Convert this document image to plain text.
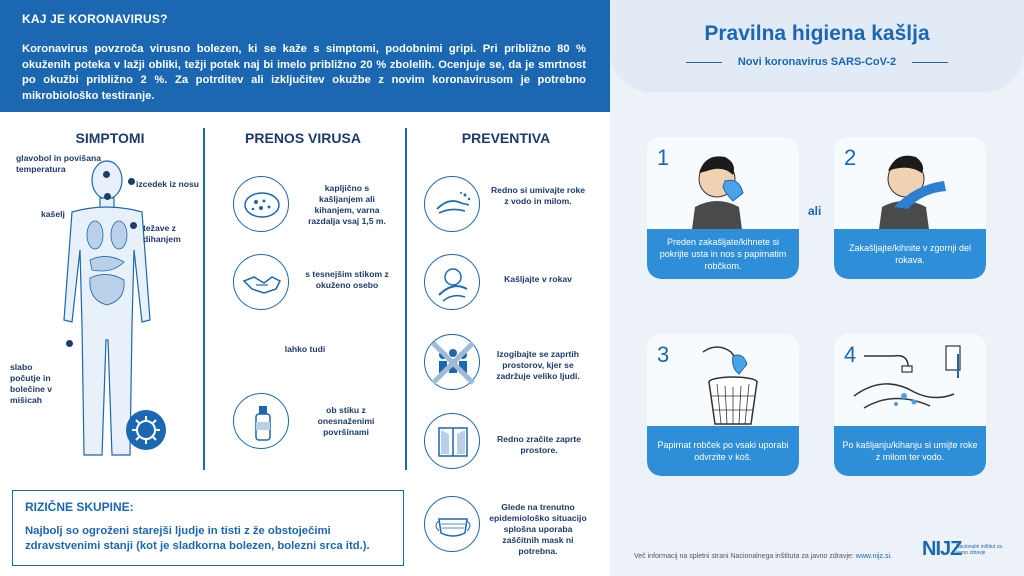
KAJ JE KORONAVIRUS?
Koronavirus povzroča virusno bolezen, ki se kaže s simptomi, podobnimi gripi. Pri približno 80 % okuženih poteka v lažji obliki, težji potek naj bi imelo približno 20 % zbolelih. Ocenjuje se, da je smrtnost po okužbi približno 2 %. Za potrditev ali izključitev okužbe z novim koronavirusom je potrebno mikrobiološko testiranje.
SIMPTOMI	PRENOS VIRUSA	PREVENTIVA
glavobol in povišana temperatura
izcedek iz nosu
kašelj
težave z dihanjem
slabo počutje in bolečine v mišicah
kapljično s kašljanjem ali kihanjem, varna razdalja vsaj 1,5 m.
s tesnejšim stikom z okuženo osebo
lahko tudi
ob stiku z onesnaženimi površinami
Redno si umivajte roke z vodo in milom.
Kašljajte v rokav
Izogibajte se zaprtih prostorov, kjer se zadržuje veliko ljudi.
Redno zračite zaprte prostore.
Glede na trenutno epidemiološko situacijo splošna uporaba zaščitnih mask ni potrebna.
RIZIČNE SKUPINE:
Najbolj so ogroženi starejši ljudje in tisti z že obstoječimi zdravstvenimi stanji (kot je sladkorna bolezen, bolezni srca itd.).
Pravilna higiena kašlja
Novi koronavirus SARS-CoV-2
1
Preden zakašljate/kihnete si pokrijte usta in nos s papirnatim robčkom.
ali
2
Zakašljajte/kihnite v zgornji del rokava.
3
Papirnat robček po vsaki uporabi odvrzite v koš.
4
Po kašljanju/kihanju si umijte roke z milom ter vodo.
Več informacij na spletni strani Nacionalnega inštituta za javno zdravje: www.nijz.si. NIJZ
Nacionalni inštitut za javno zdravje
